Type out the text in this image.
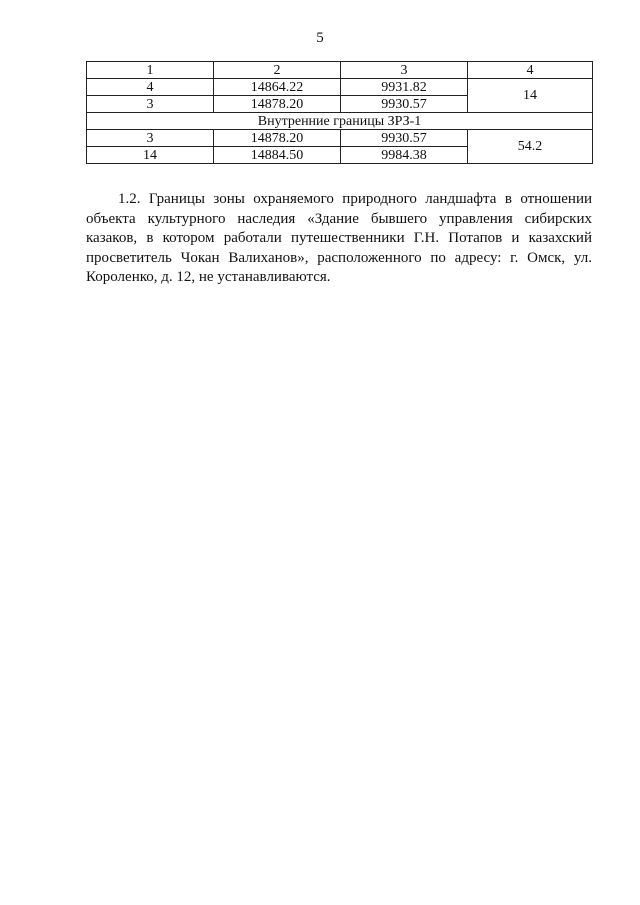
5
1	2	3	4
4	14864.22	9931.82	14
3	14878.20	9930.57	
Внутренние границы ЗРЗ-1			
3	14878.20	9930.57	54.2
14	14884.50	9984.38	

1.2. Границы зоны охраняемого природного ландшафта в отношении объекта культурного наследия «Здание бывшего управления сибирских казаков, в котором работали путешественники Г.Н. Потапов и казахский просветитель Чокан Валиханов», расположенного по адресу: г. Омск, ул. Короленко, д. 12, не устанавливаются.
